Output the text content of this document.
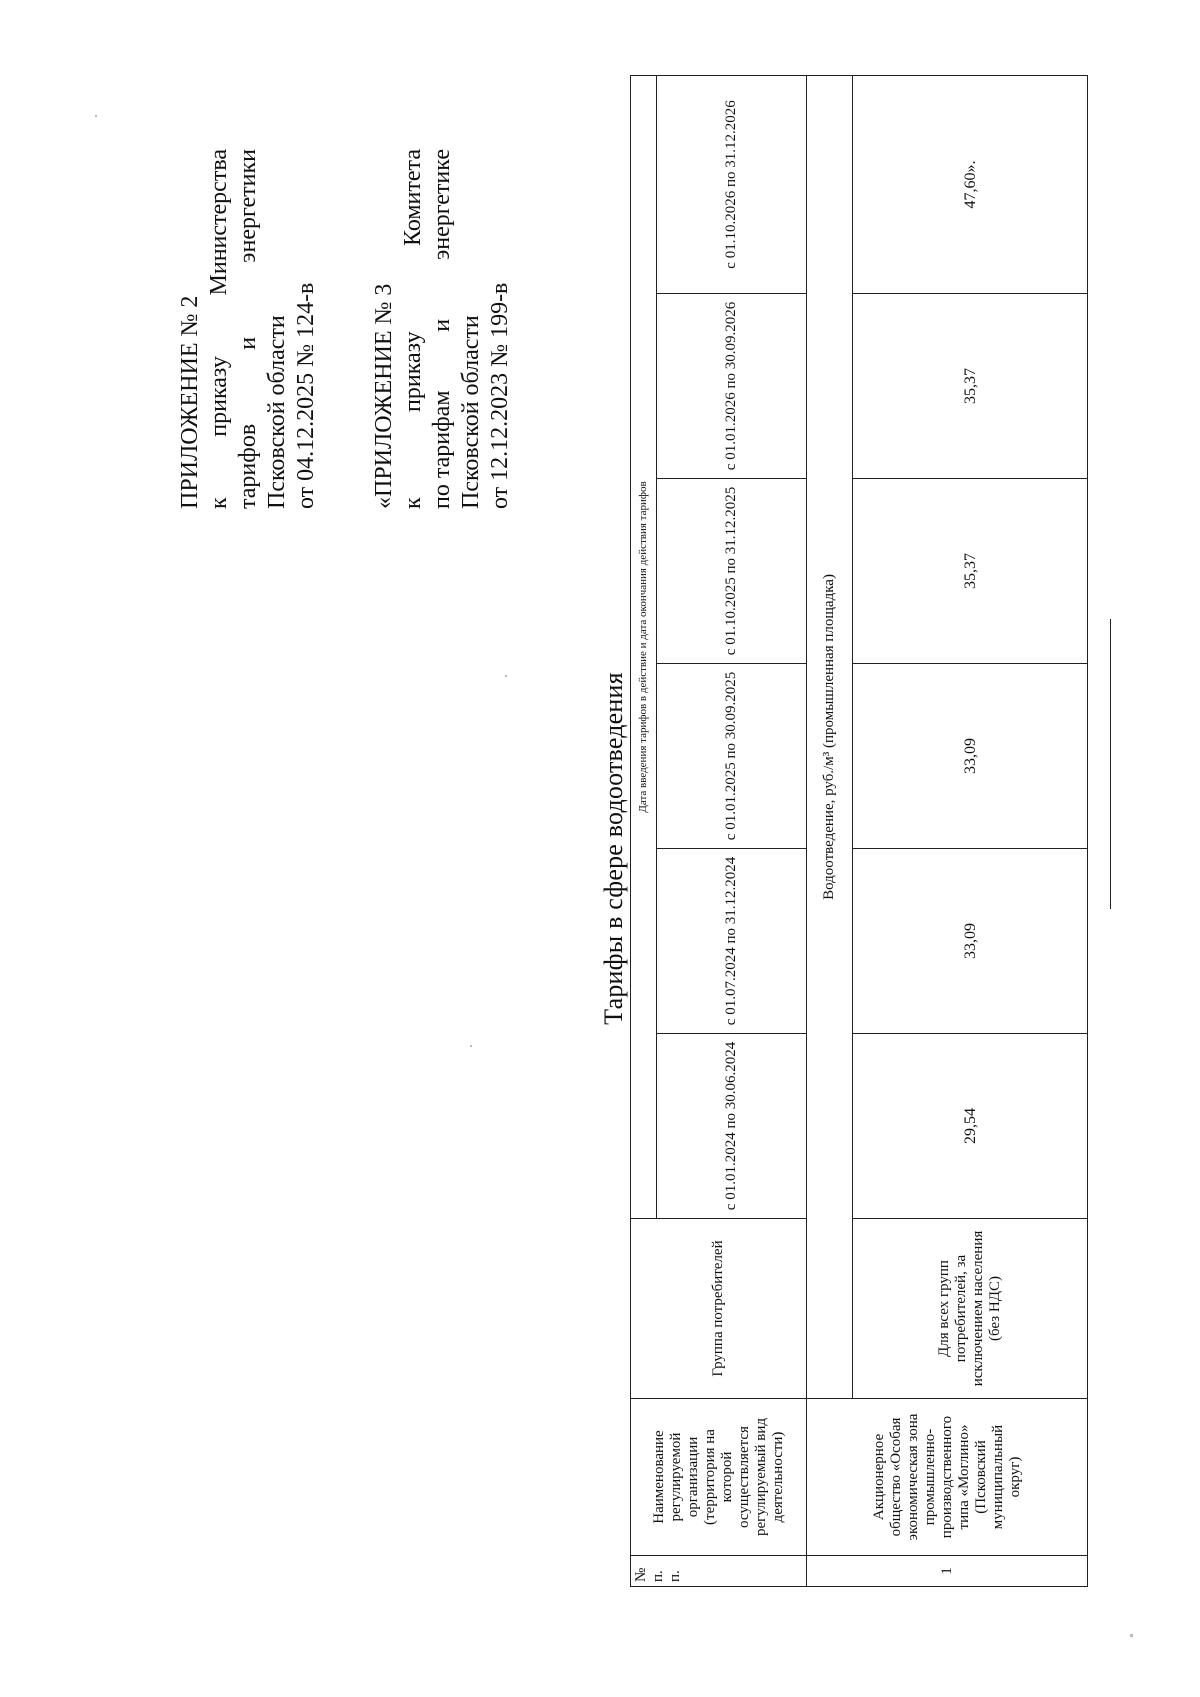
ПРИЛОЖЕНИЕ № 2 к
приказу
Министерства
тарифов
и
энергетики
Псковской области от 04.12.2025 № 124-в «ПРИЛОЖЕНИЕ № 3 к
приказу
Комитета
по тарифам
и
энергетике
Псковской области от 12.12.2023 № 199-в
Тарифы в сфере водоотведения
№ п. п.	Наименование регулируемой организации (территория на которой осуществляется регулируемый вид деятельности)	Группа потребителей	Дата введения тарифов в действие и дата окончания действия тарифов					
			с 01.01.2024 по 30.06.2024	с 01.07.2024 по 31.12.2024	с 01.01.2025 по 30.09.2025	с 01.10.2025 по 31.12.2025	с 01.01.2026 по 30.09.2026	с 01.10.2026 по 31.12.2026
1	Акционерное общество «Особая экономическая зона промышленно-производственного типа «Моглино» (Псковский муниципальный округ)	Водоотведение, руб./м³ (промышленная площадка)						
		Для всех групп потребителей, за исключением населения (без НДС)	29,54	33,09	33,09	35,37	35,37	47,60».
